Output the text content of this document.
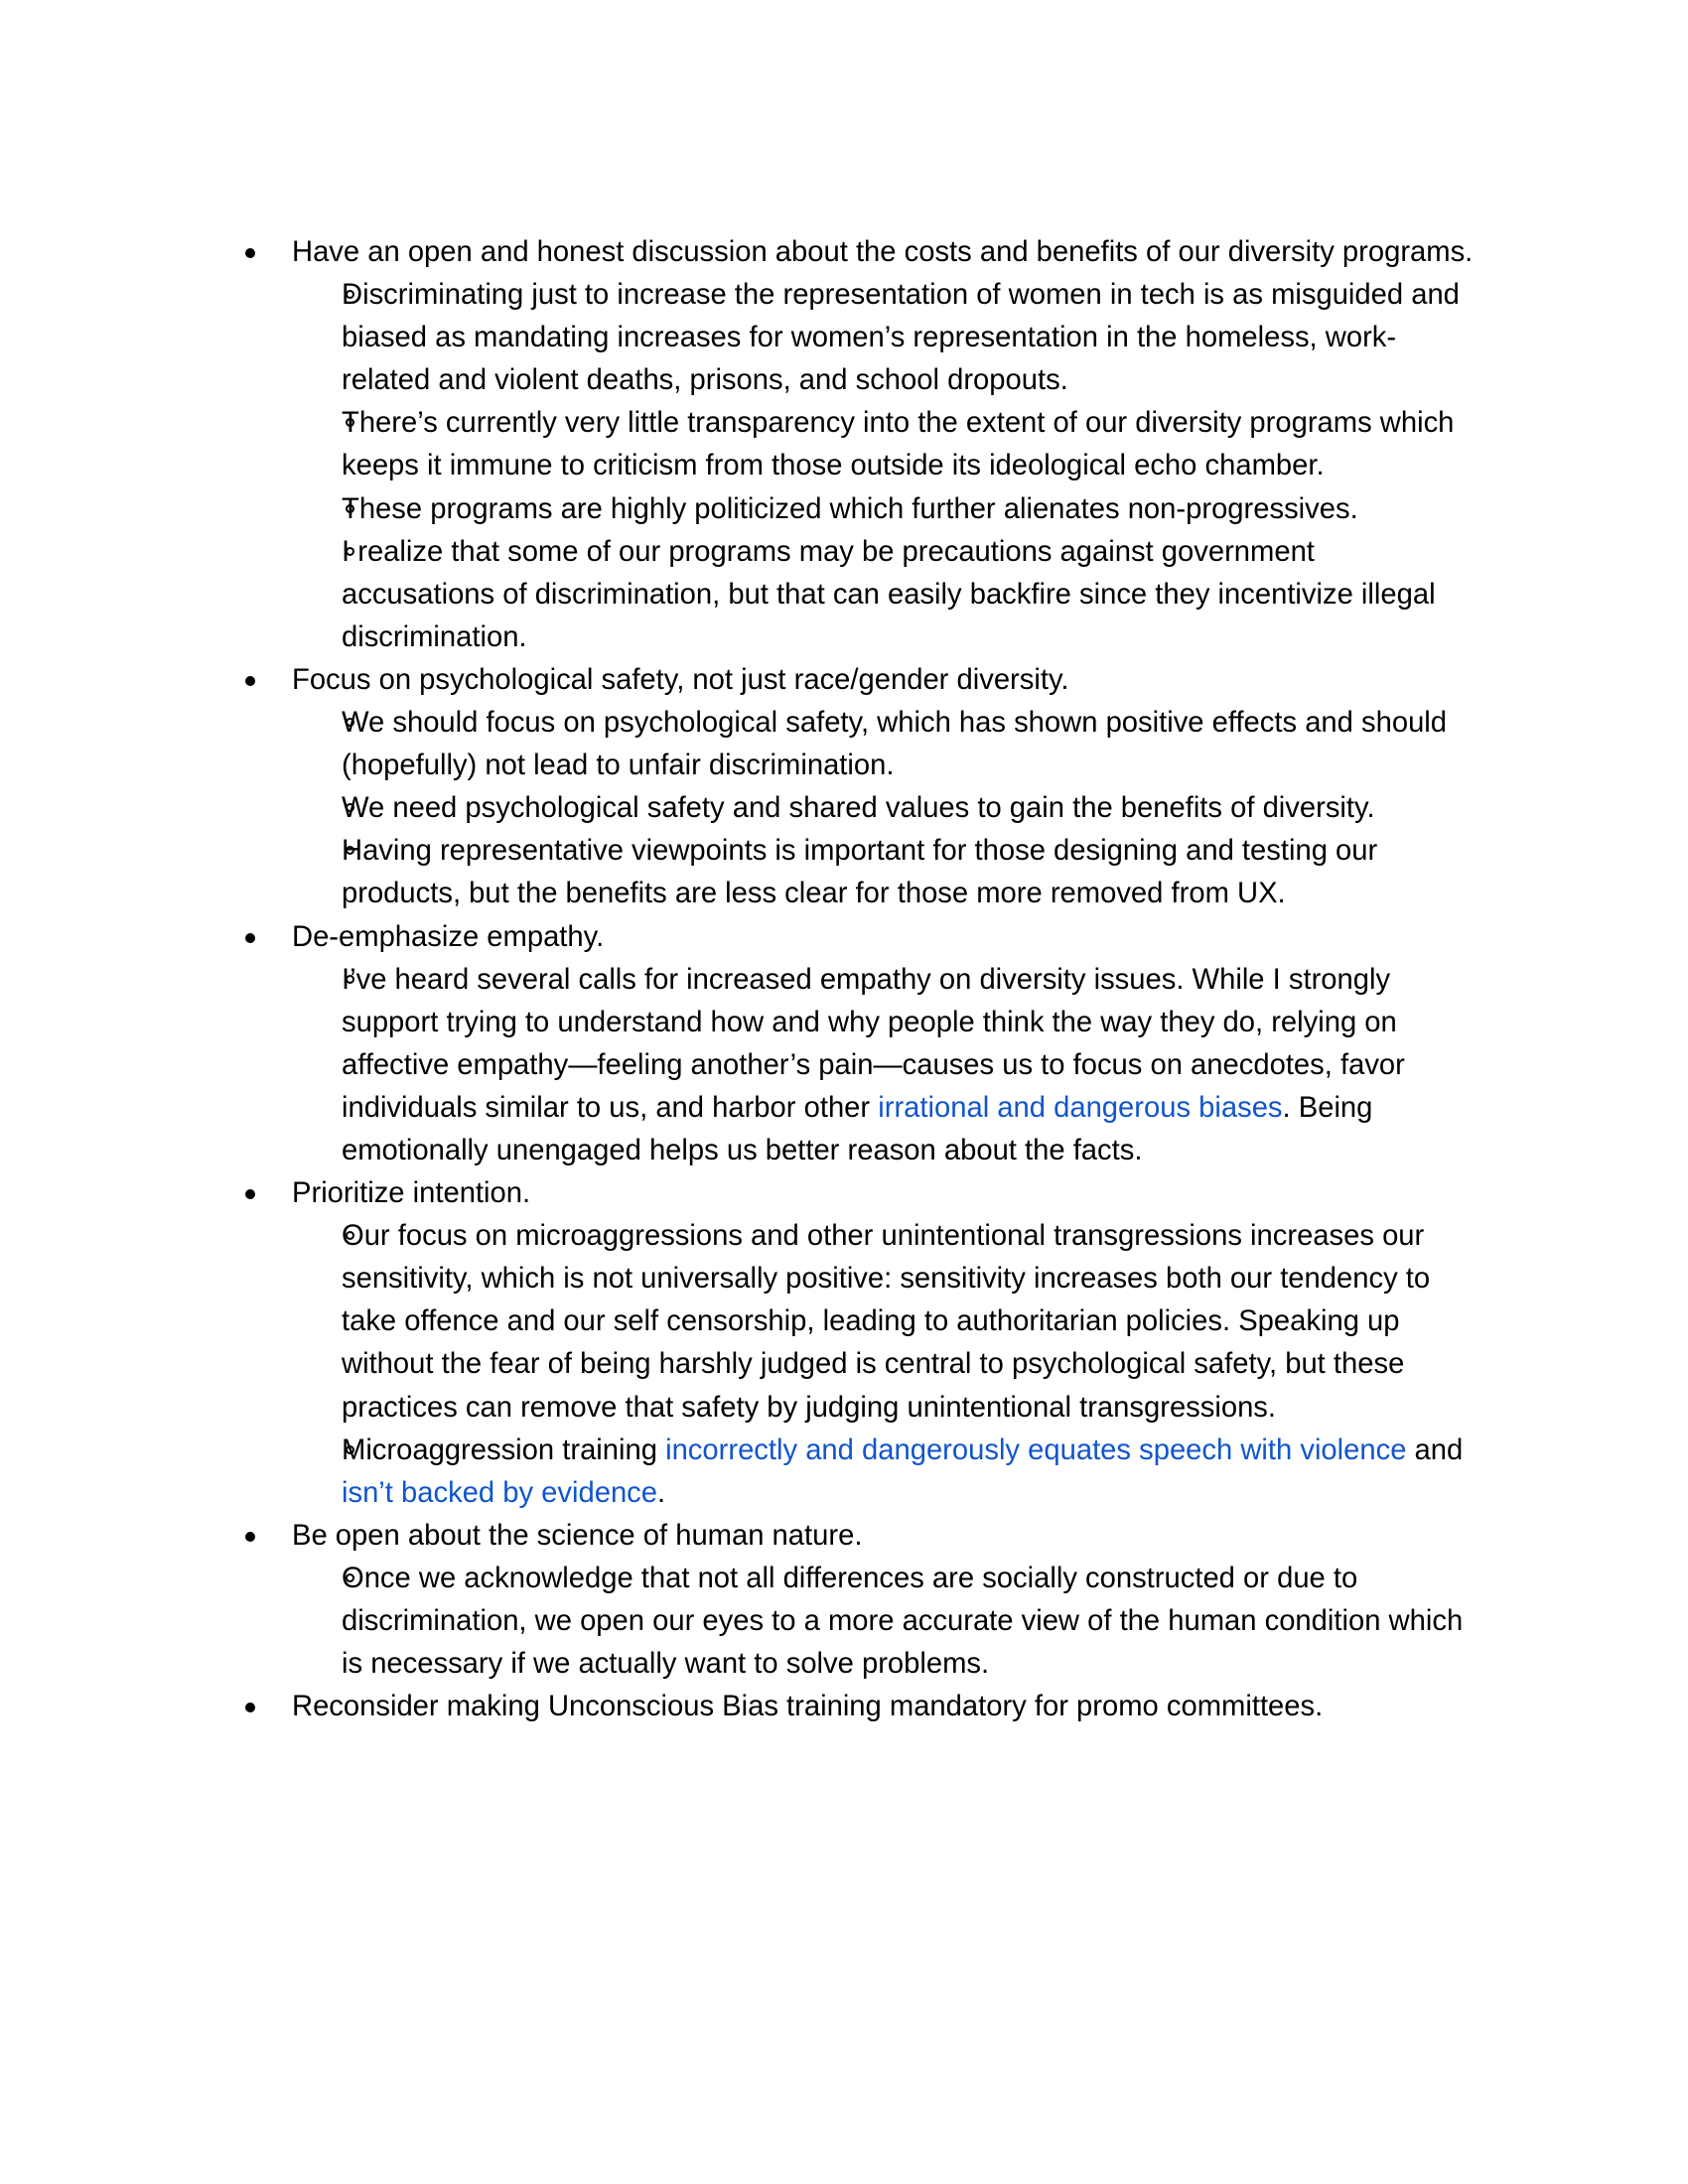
Have an open and honest discussion about the costs and benefits of our diversity programs.
Discriminating just to increase the representation of women in tech is as misguided and biased as mandating increases for women’s representation in the homeless, work-related and violent deaths, prisons, and school dropouts.
There’s currently very little transparency into the extent of our diversity programs which keeps it immune to criticism from those outside its ideological echo chamber.
These programs are highly politicized which further alienates non-progressives.
I realize that some of our programs may be precautions against government accusations of discrimination, but that can easily backfire since they incentivize illegal discrimination.
Focus on psychological safety, not just race/gender diversity.
We should focus on psychological safety, which has shown positive effects and should (hopefully) not lead to unfair discrimination.
We need psychological safety and shared values to gain the benefits of diversity.
Having representative viewpoints is important for those designing and testing our products, but the benefits are less clear for those more removed from UX.
De-emphasize empathy.
I’ve heard several calls for increased empathy on diversity issues. While I strongly support trying to understand how and why people think the way they do, relying on affective empathy—feeling another’s pain—causes us to focus on anecdotes, favor individuals similar to us, and harbor other irrational and dangerous biases. Being emotionally unengaged helps us better reason about the facts.
Prioritize intention.
Our focus on microaggressions and other unintentional transgressions increases our sensitivity, which is not universally positive: sensitivity increases both our tendency to take offence and our self censorship, leading to authoritarian policies. Speaking up without the fear of being harshly judged is central to psychological safety, but these practices can remove that safety by judging unintentional transgressions.
Microaggression training incorrectly and dangerously equates speech with violence and isn’t backed by evidence.
Be open about the science of human nature.
Once we acknowledge that not all differences are socially constructed or due to discrimination, we open our eyes to a more accurate view of the human condition which is necessary if we actually want to solve problems.
Reconsider making Unconscious Bias training mandatory for promo committees.
